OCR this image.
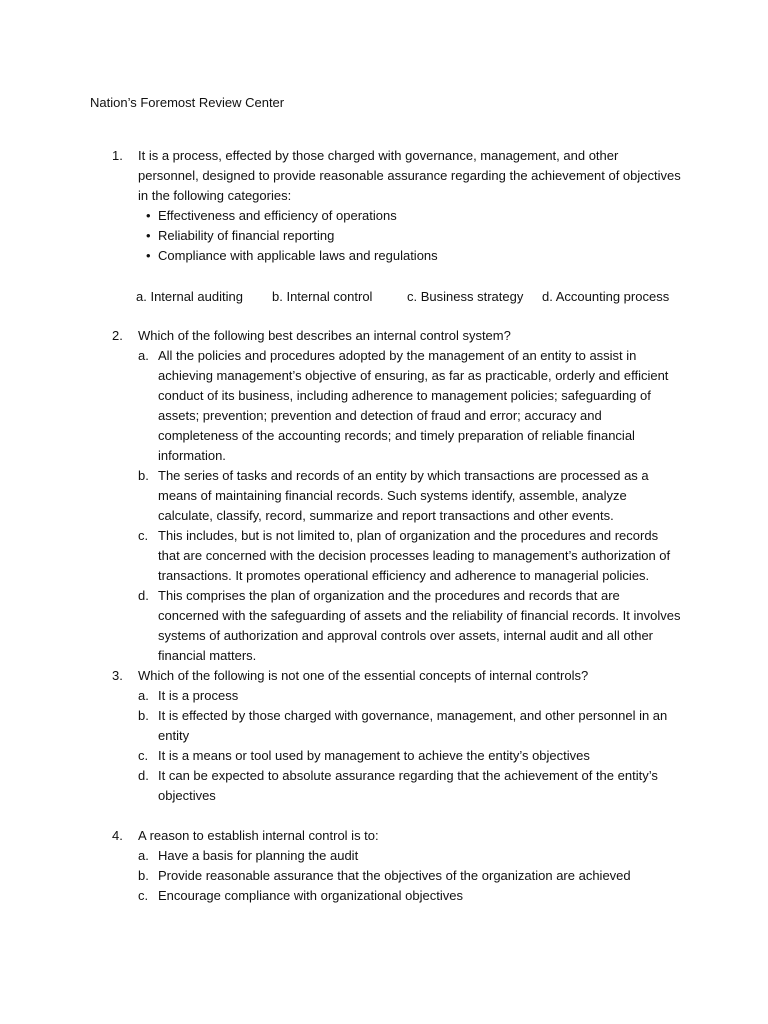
Nation’s Foremost Review Center
1.	It is a process, effected by those charged with governance, management, and other personnel, designed to provide reasonable assurance regarding the achievement of objectives in the following categories:
• Effectiveness and efficiency of operations
• Reliability of financial reporting
• Compliance with applicable laws and regulations
a. Internal auditing b. Internal control	c. Business strategy d. Accounting process
2.	Which of the following best describes an internal control system?
a. All the policies and procedures adopted by the management of an entity to assist in achieving management’s objective of ensuring, as far as practicable, orderly and efficient conduct of its business, including adherence to management policies; safeguarding of assets; prevention; prevention and detection of fraud and error; accuracy and completeness of the accounting records; and timely preparation of reliable financial information.
b. The series of tasks and records of an entity by which transactions are processed as a means of maintaining financial records. Such systems identify, assemble, analyze calculate, classify, record, summarize and report transactions and other events.
c. This includes, but is not limited to, plan of organization and the procedures and records that are concerned with the decision processes leading to management’s authorization of transactions. It promotes operational efficiency and adherence to managerial policies.
d. This comprises the plan of organization and the procedures and records that are concerned with the safeguarding of assets and the reliability of financial records. It involves systems of authorization and approval controls over assets, internal audit and all other financial matters.
3.	Which of the following is not one of the essential concepts of internal controls?
a. It is a process
b. It is effected by those charged with governance, management, and other personnel in an entity
c. It is a means or tool used by management to achieve the entity’s objectives
d. It can be expected to absolute assurance regarding that the achievement of the entity’s objectives
4.	A reason to establish internal control is to:
a. Have a basis for planning the audit
b. Provide reasonable assurance that the objectives of the organization are achieved
c. Encourage compliance with organizational objectives
